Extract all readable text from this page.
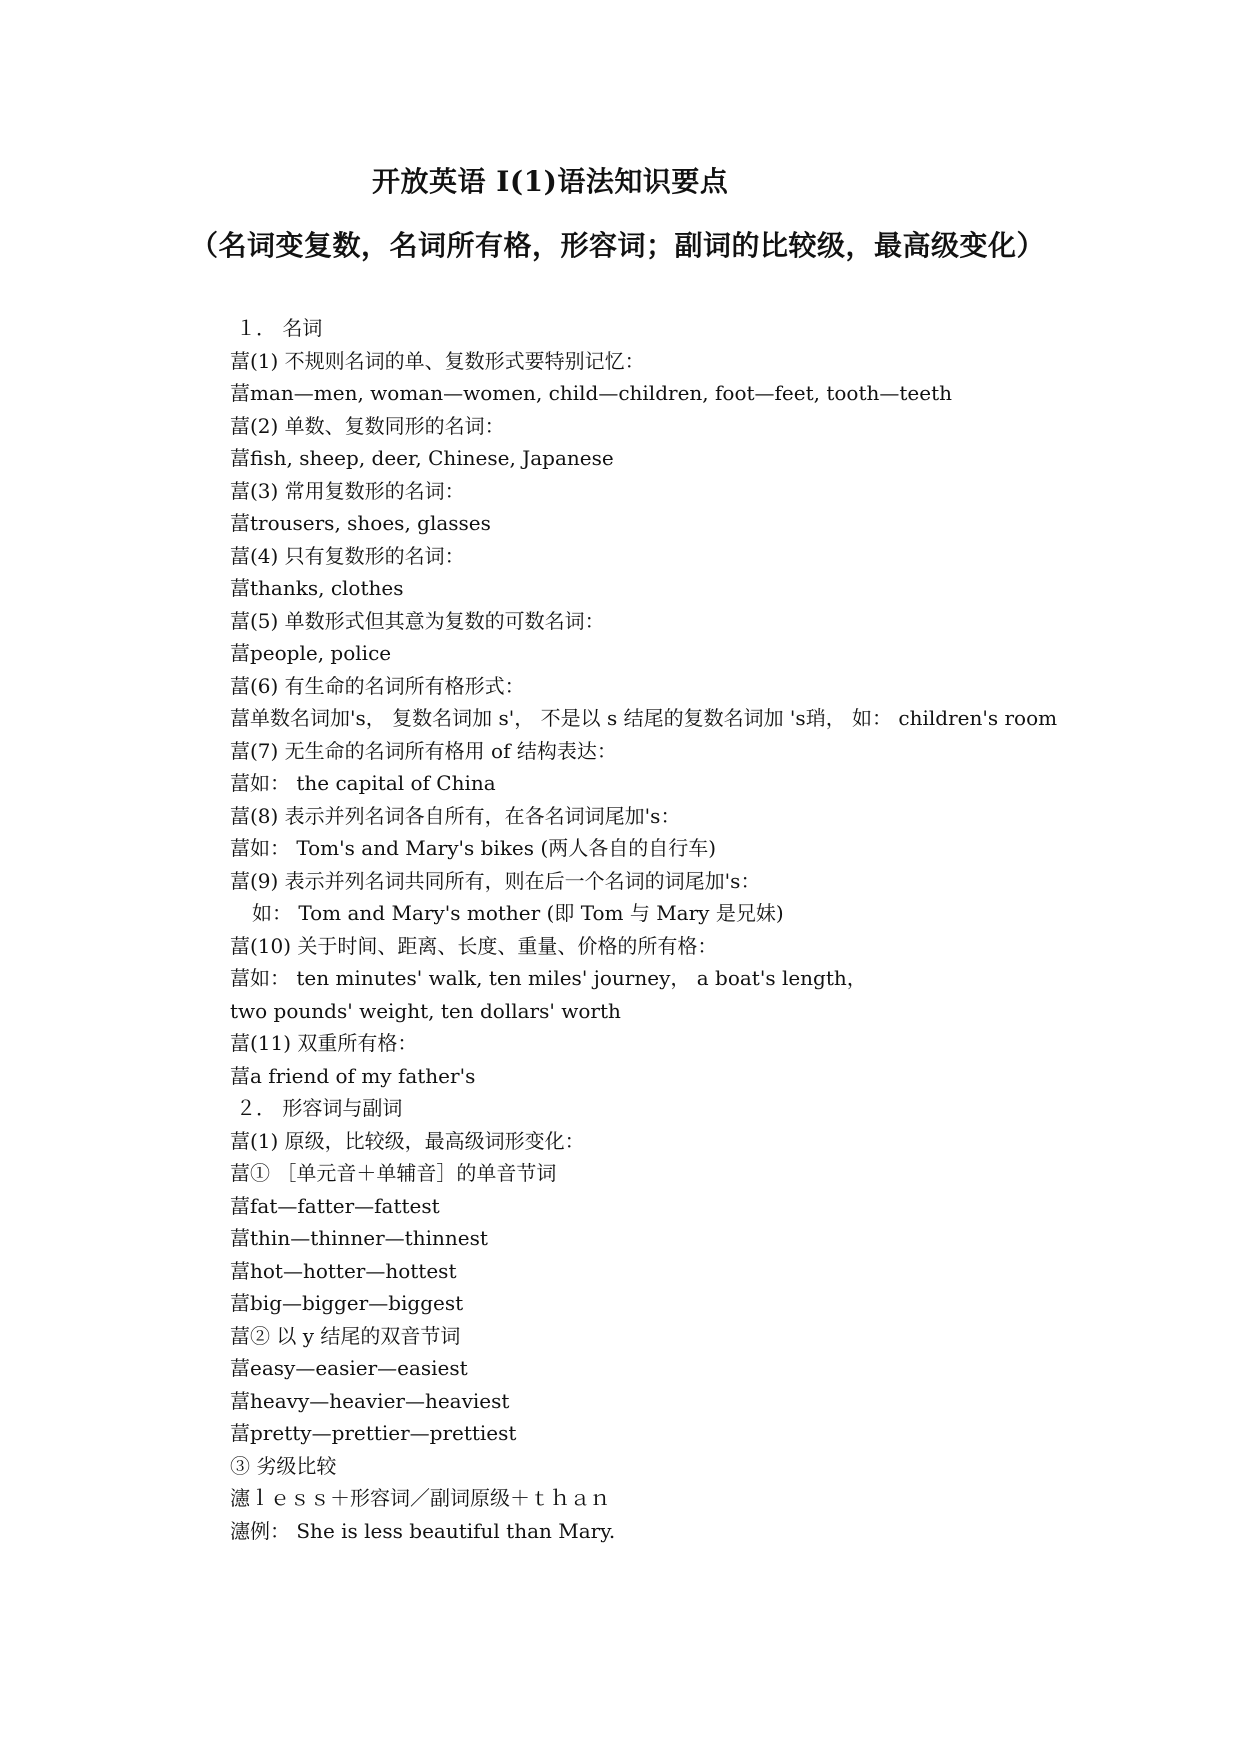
开放英语 I(1)语法知识要点
（名词变复数，名词所有格，形容词；副词的比较级，最高级变化）
１． 名词
葍(1) 不规则名词的单、复数形式要特别记忆：
葍man—men, woman—women, child—children, foot—feet, tooth—teeth
葍(2) 单数、复数同形的名词：
葍fish, sheep, deer, Chinese, Japanese
葍(3) 常用复数形的名词：
葍trousers, shoes, glasses
葍(4) 只有复数形的名词：
葍thanks, clothes
葍(5) 单数形式但其意为复数的可数名词：
葍people, police
葍(6) 有生命的名词所有格形式：
葍单数名词加's， 复数名词加 s'， 不是以 s 结尾的复数名词加 's琑， 如： children's room
葍(7) 无生命的名词所有格用 of 结构表达：
葍如： the capital of China
葍(8) 表示并列名词各自所有，在各名词词尾加's：
葍如： Tom's and Mary's bikes (两人各自的自行车)
葍(9) 表示并列名词共同所有，则在后一个名词的词尾加's：
如： Tom and Mary's mother (即 Tom 与 Mary 是兄妹)
葍(10) 关于时间、距离、长度、重量、价格的所有格：
葍如： ten minutes' walk, ten miles' journey， a boat's length，
two pounds' weight, ten dollars' worth
葍(11) 双重所有格：
葍a friend of my father's
２． 形容词与副词
葍(1) 原级，比较级，最高级词形变化：
葍① ［单元音＋单辅音］的单音节词
葍fat—fatter—fattest
葍thin—thinner—thinnest
葍hot—hotter—hottest
葍big—bigger—biggest
葍② 以 y 结尾的双音节词
葍easy—easier—easiest
葍heavy—heavier—heaviest
葍pretty—prettier—prettiest
③ 劣级比较
瀗ｌｅｓｓ＋形容词／副词原级＋ｔｈａｎ
瀗例： She is less beautiful than Mary.
